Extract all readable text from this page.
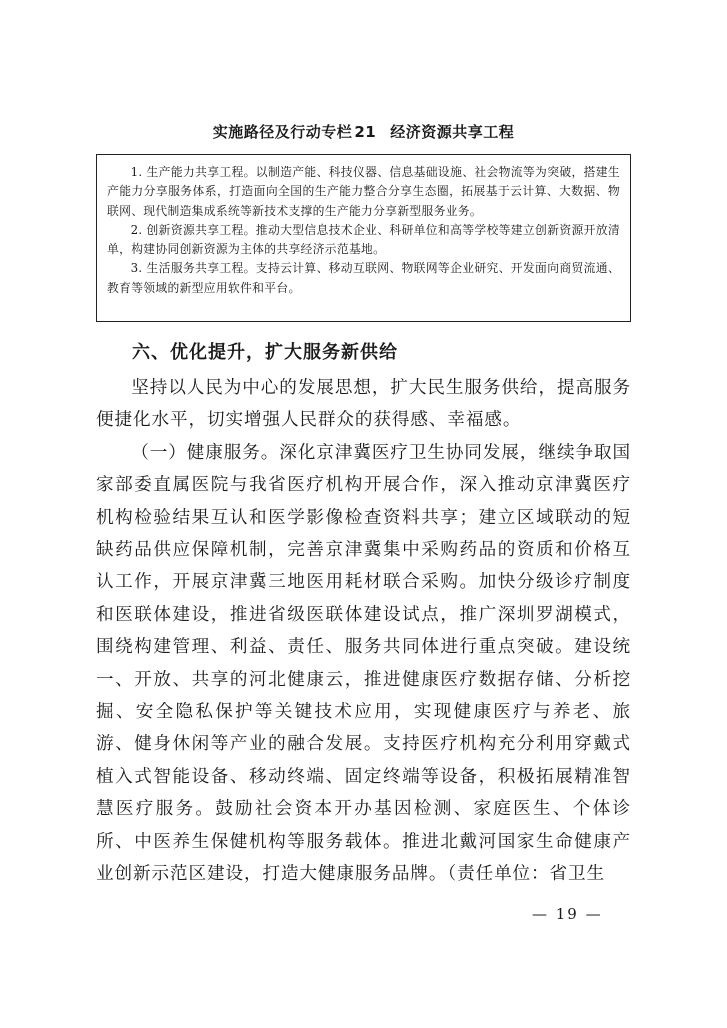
实施路径及行动专栏 21 经济资源共享工程

1. 生产能力共享工程。以制造产能、科技仪器、信息基础设施、社会物流等为突破，搭建生产能力分享服务体系，打造面向全国的生产能力整合分享生态圈，拓展基于云计算、大数据、物联网、现代制造集成系统等新技术支撑的生产能力分享新型服务业务。

2. 创新资源共享工程。推动大型信息技术企业、科研单位和高等学校等建立创新资源开放清单，构建协同创新资源为主体的共享经济示范基地。

3. 生活服务共享工程。支持云计算、移动互联网、物联网等企业研究、开发面向商贸流通、教育等领域的新型应用软件和平台。

六、优化提升，扩大服务新供给

坚持以人民为中心的发展思想，扩大民生服务供给，提高服务便捷化水平，切实增强人民群众的获得感、幸福感。

（一）健康服务。深化京津冀医疗卫生协同发展，继续争取国家部委直属医院与我省医疗机构开展合作，深入推动京津冀医疗机构检验结果互认和医学影像检查资料共享；建立区域联动的短缺药品供应保障机制，完善京津冀集中采购药品的资质和价格互认工作，开展京津冀三地医用耗材联合采购。加快分级诊疗制度和医联体建设，推进省级医联体建设试点，推广深圳罗湖模式，围绕构建管理、利益、责任、服务共同体进行重点突破。建设统一、开放、共享的河北健康云，推进健康医疗数据存储、分析挖掘、安全隐私保护等关键技术应用，实现健康医疗与养老、旅游、健身休闲等产业的融合发展。支持医疗机构充分利用穿戴式植入式智能设备、移动终端、固定终端等设备，积极拓展精准智慧医疗服务。鼓励社会资本开办基因检测、家庭医生、个体诊所、中医养生保健机构等服务载体。推进北戴河国家生命健康产业创新示范区建设，打造大健康服务品牌。（责任单位：省卫生

— 19 —
